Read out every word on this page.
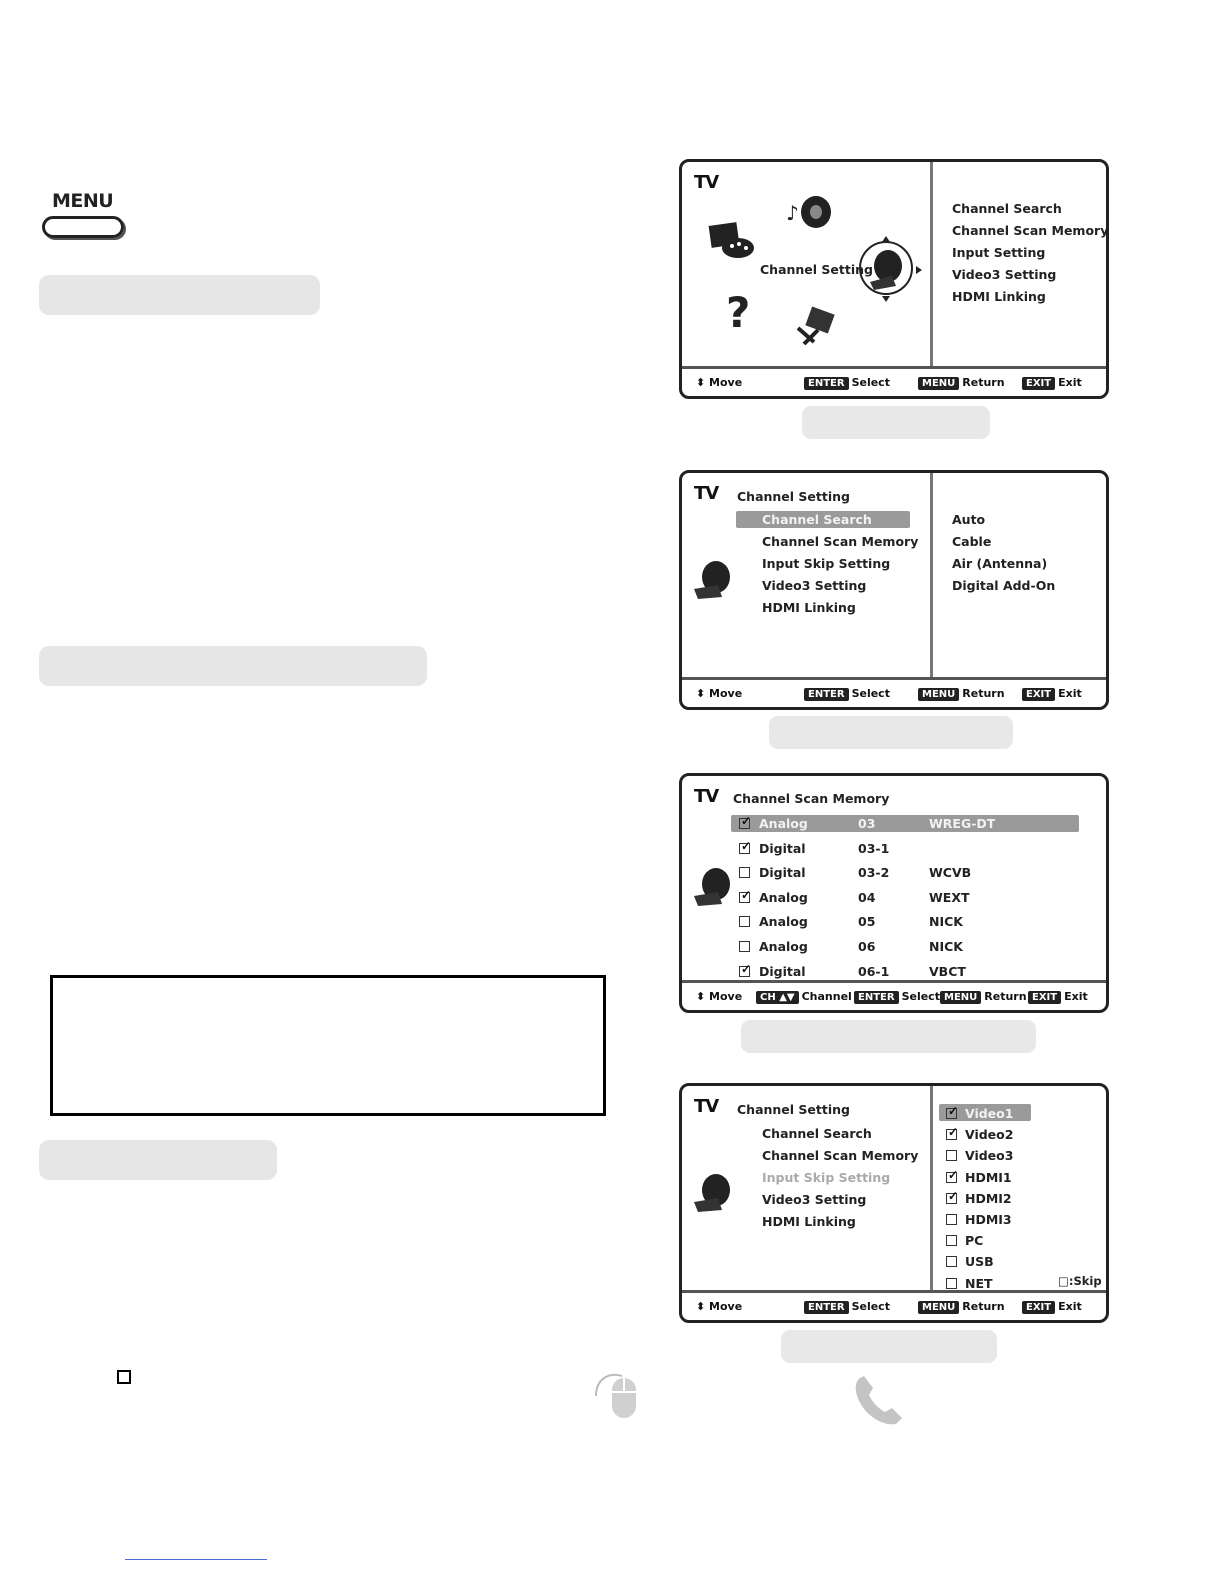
MENU
TV
♪
Channel Setting
?
Channel Search
Channel Scan Memory
Input Setting
Video3 Setting
HDMI Linking
⬍ Move	ENTER Select	MENU Return	EXIT Exit
TV Channel Setting
Channel Search
Channel Scan Memory
Input Skip Setting
Video3 Setting
HDMI Linking
Auto
Cable
Air (Antenna)
Digital Add-On
⬍ Move	ENTER Select	MENU Return	EXIT Exit
TV Channel Scan Memory
✓ Analog	03	WREG-DT
✓ Digital	03-1
Digital	03-2	WCVB
✓ Analog	04	WEXT
Analog	05	NICK
Analog	06	NICK
✓ Digital	06-1	VBCT
⬍ Move	CH ▲▼ Channel ENTER Select MENU Return EXIT Exit
TV Channel Setting
Channel Search
Channel Scan Memory
Input Skip Setting
Video3 Setting
HDMI Linking
✓ Video1
✓ Video2
Video3
✓ HDMI1
✓ HDMI2
HDMI3
PC
USB
NET	□:Skip
⬍ Move	ENTER Select	MENU Return	EXIT Exit
